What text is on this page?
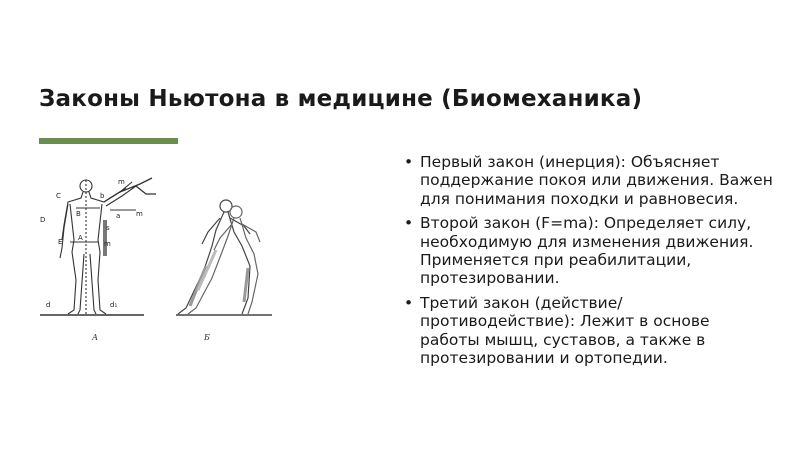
Законы Ньютона в медицине (Биомеханика)
C	b
m
D
B	a m
E A
s
m
d	d₁
А	Б
• Первый закон (инерция): Объясняет поддержание покоя или движения. Важен для понимания походки и равновесия.
• Второй закон (F=ma): Определяет силу, необходимую для изменения движения. Применяется при реабилитации, протезировании.
• Третий закон (действие/противодействие): Лежит в основе работы мышц, суставов, а также в протезировании и ортопедии.
